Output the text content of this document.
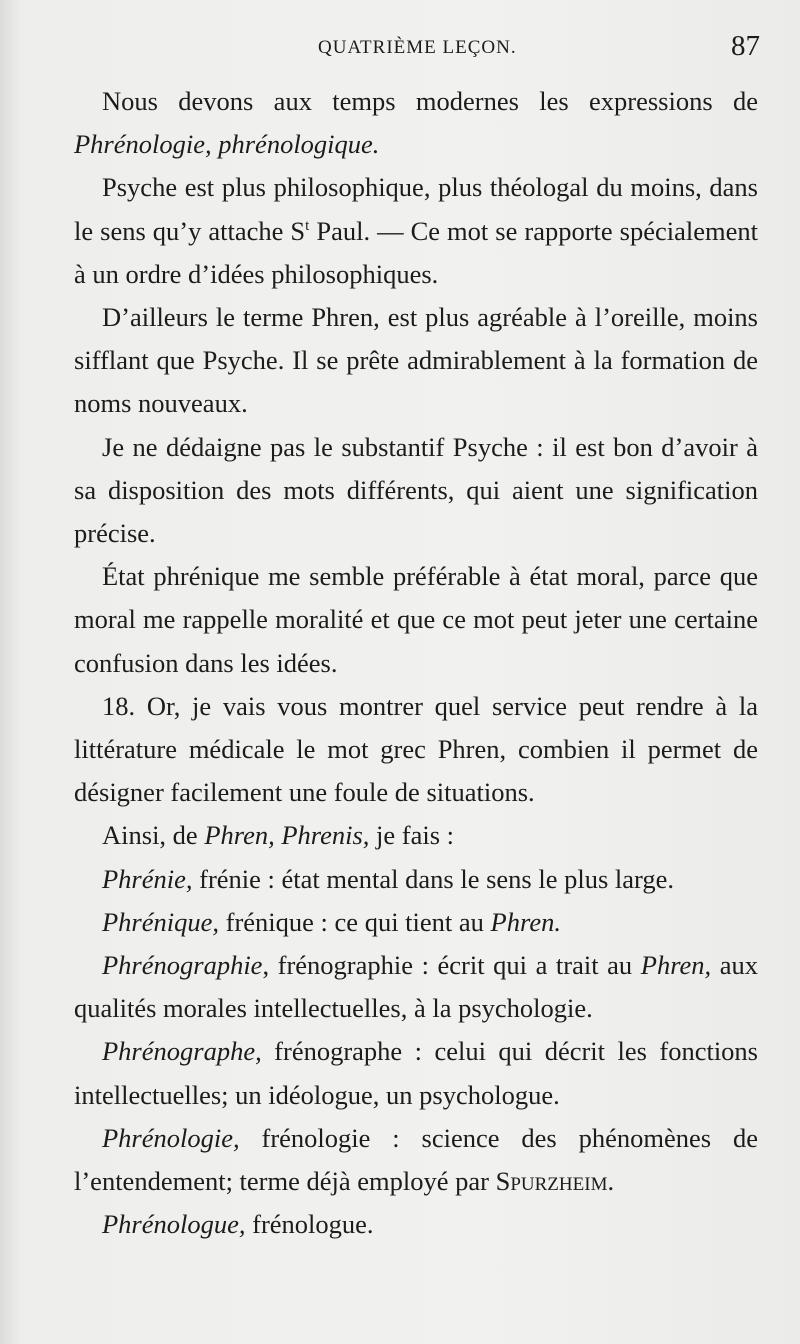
QUATRIÈME LEÇON.	87

Nous devons aux temps modernes les expressions de Phrénologie, phrénologique.

Psyche est plus philosophique, plus théologal du moins, dans le sens qu’y attache $S^t$ Paul. — Ce mot se rapporte spécialement à un ordre d’idées philosophiques.

D’ailleurs le terme Phren, est plus agréable à l’oreille, moins sifflant que Psyche. Il se prête admirablement à la formation de noms nouveaux.

Je ne dédaigne pas le substantif Psyche : il est bon d’avoir à sa disposition des mots différents, qui aient une signification précise.

État phrénique me semble préférable à état moral, parce que moral me rappelle moralité et que ce mot peut jeter une certaine confusion dans les idées.

18. Or, je vais vous montrer quel service peut rendre à la littérature médicale le mot grec Phren, combien il permet de désigner facilement une foule de situations.

Ainsi, de Phren, Phrenis, je fais :

Phrénie, frénie : état mental dans le sens le plus large.

Phrénique, frénique : ce qui tient au Phren.

Phrénographie, frénographie : écrit qui a trait au Phren, aux qualités morales intellectuelles, à la psychologie.

Phrénographe, frénographe : celui qui décrit les fonctions intellectuelles; un idéologue, un psychologue.

Phrénologie, frénologie : science des phénomènes de l’entendement; terme déjà employé par Spurzheim.

Phrénologue, frénologue.
